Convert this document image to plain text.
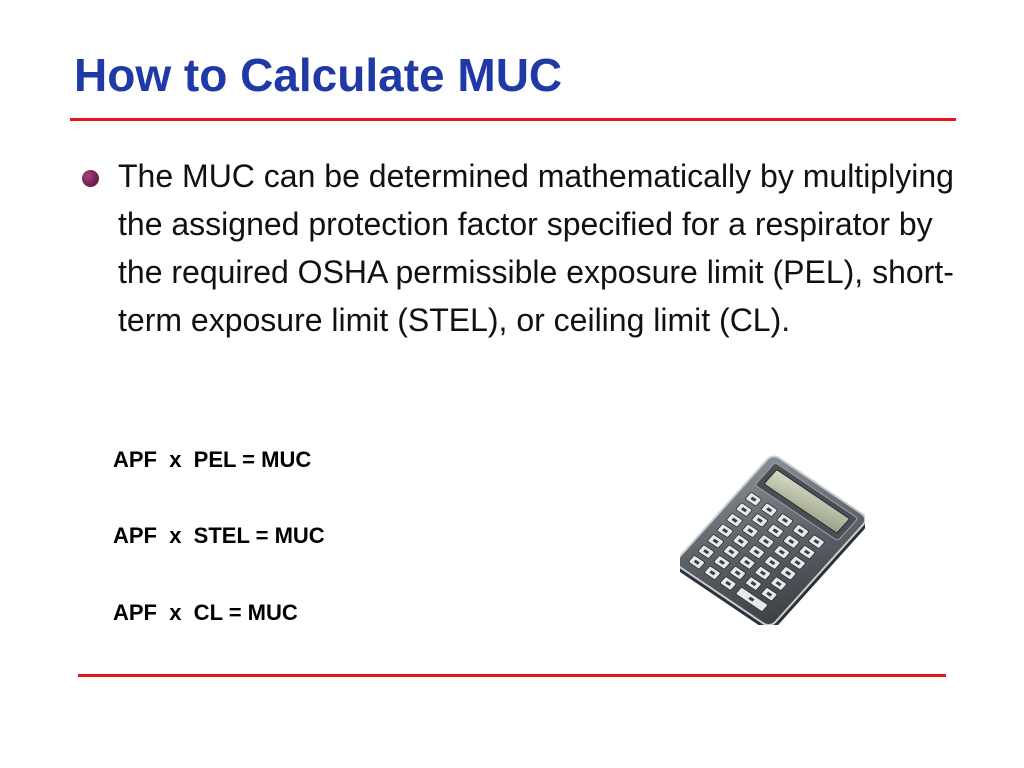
How to Calculate MUC

The MUC can be determined mathematically by multiplying the assigned protection factor specified for a respirator by the required OSHA permissible exposure limit (PEL), short-term exposure limit (STEL), or ceiling limit (CL).

APF  x  PEL = MUC

APF  x  STEL = MUC

APF  x  CL = MUC
